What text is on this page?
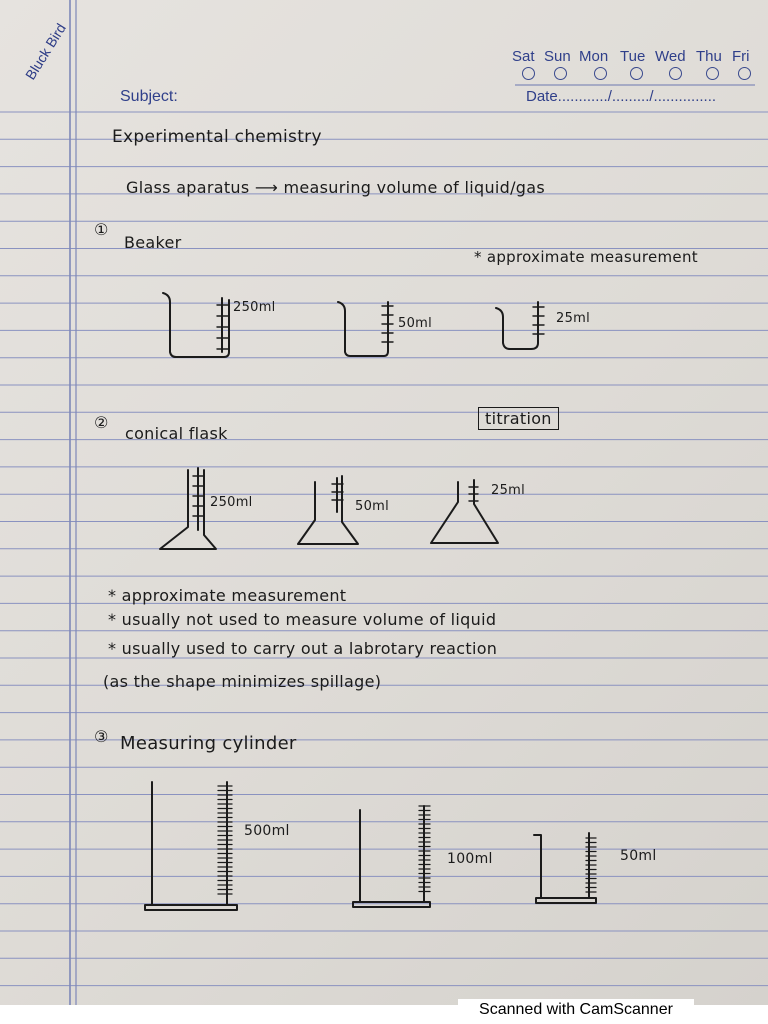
Bluck Bird	Sat Sun Mon Tue Wed Thu Fri
Subject:	Date............/........./...............
Experimental chemistry
Glass aparatus ⟶ measuring volume of liquid/gas
①
Beaker
* approximate measurement
250ml
50ml	25ml
②
conical flask
titration
250ml	50ml
25ml
* approximate measurement
* usually not used to measure volume of liquid
* usually used to carry out a labrotary reaction
(as the shape minimizes spillage)
③ Measuring cylinder
500ml
100ml	50ml
Scanned with CamScanner
